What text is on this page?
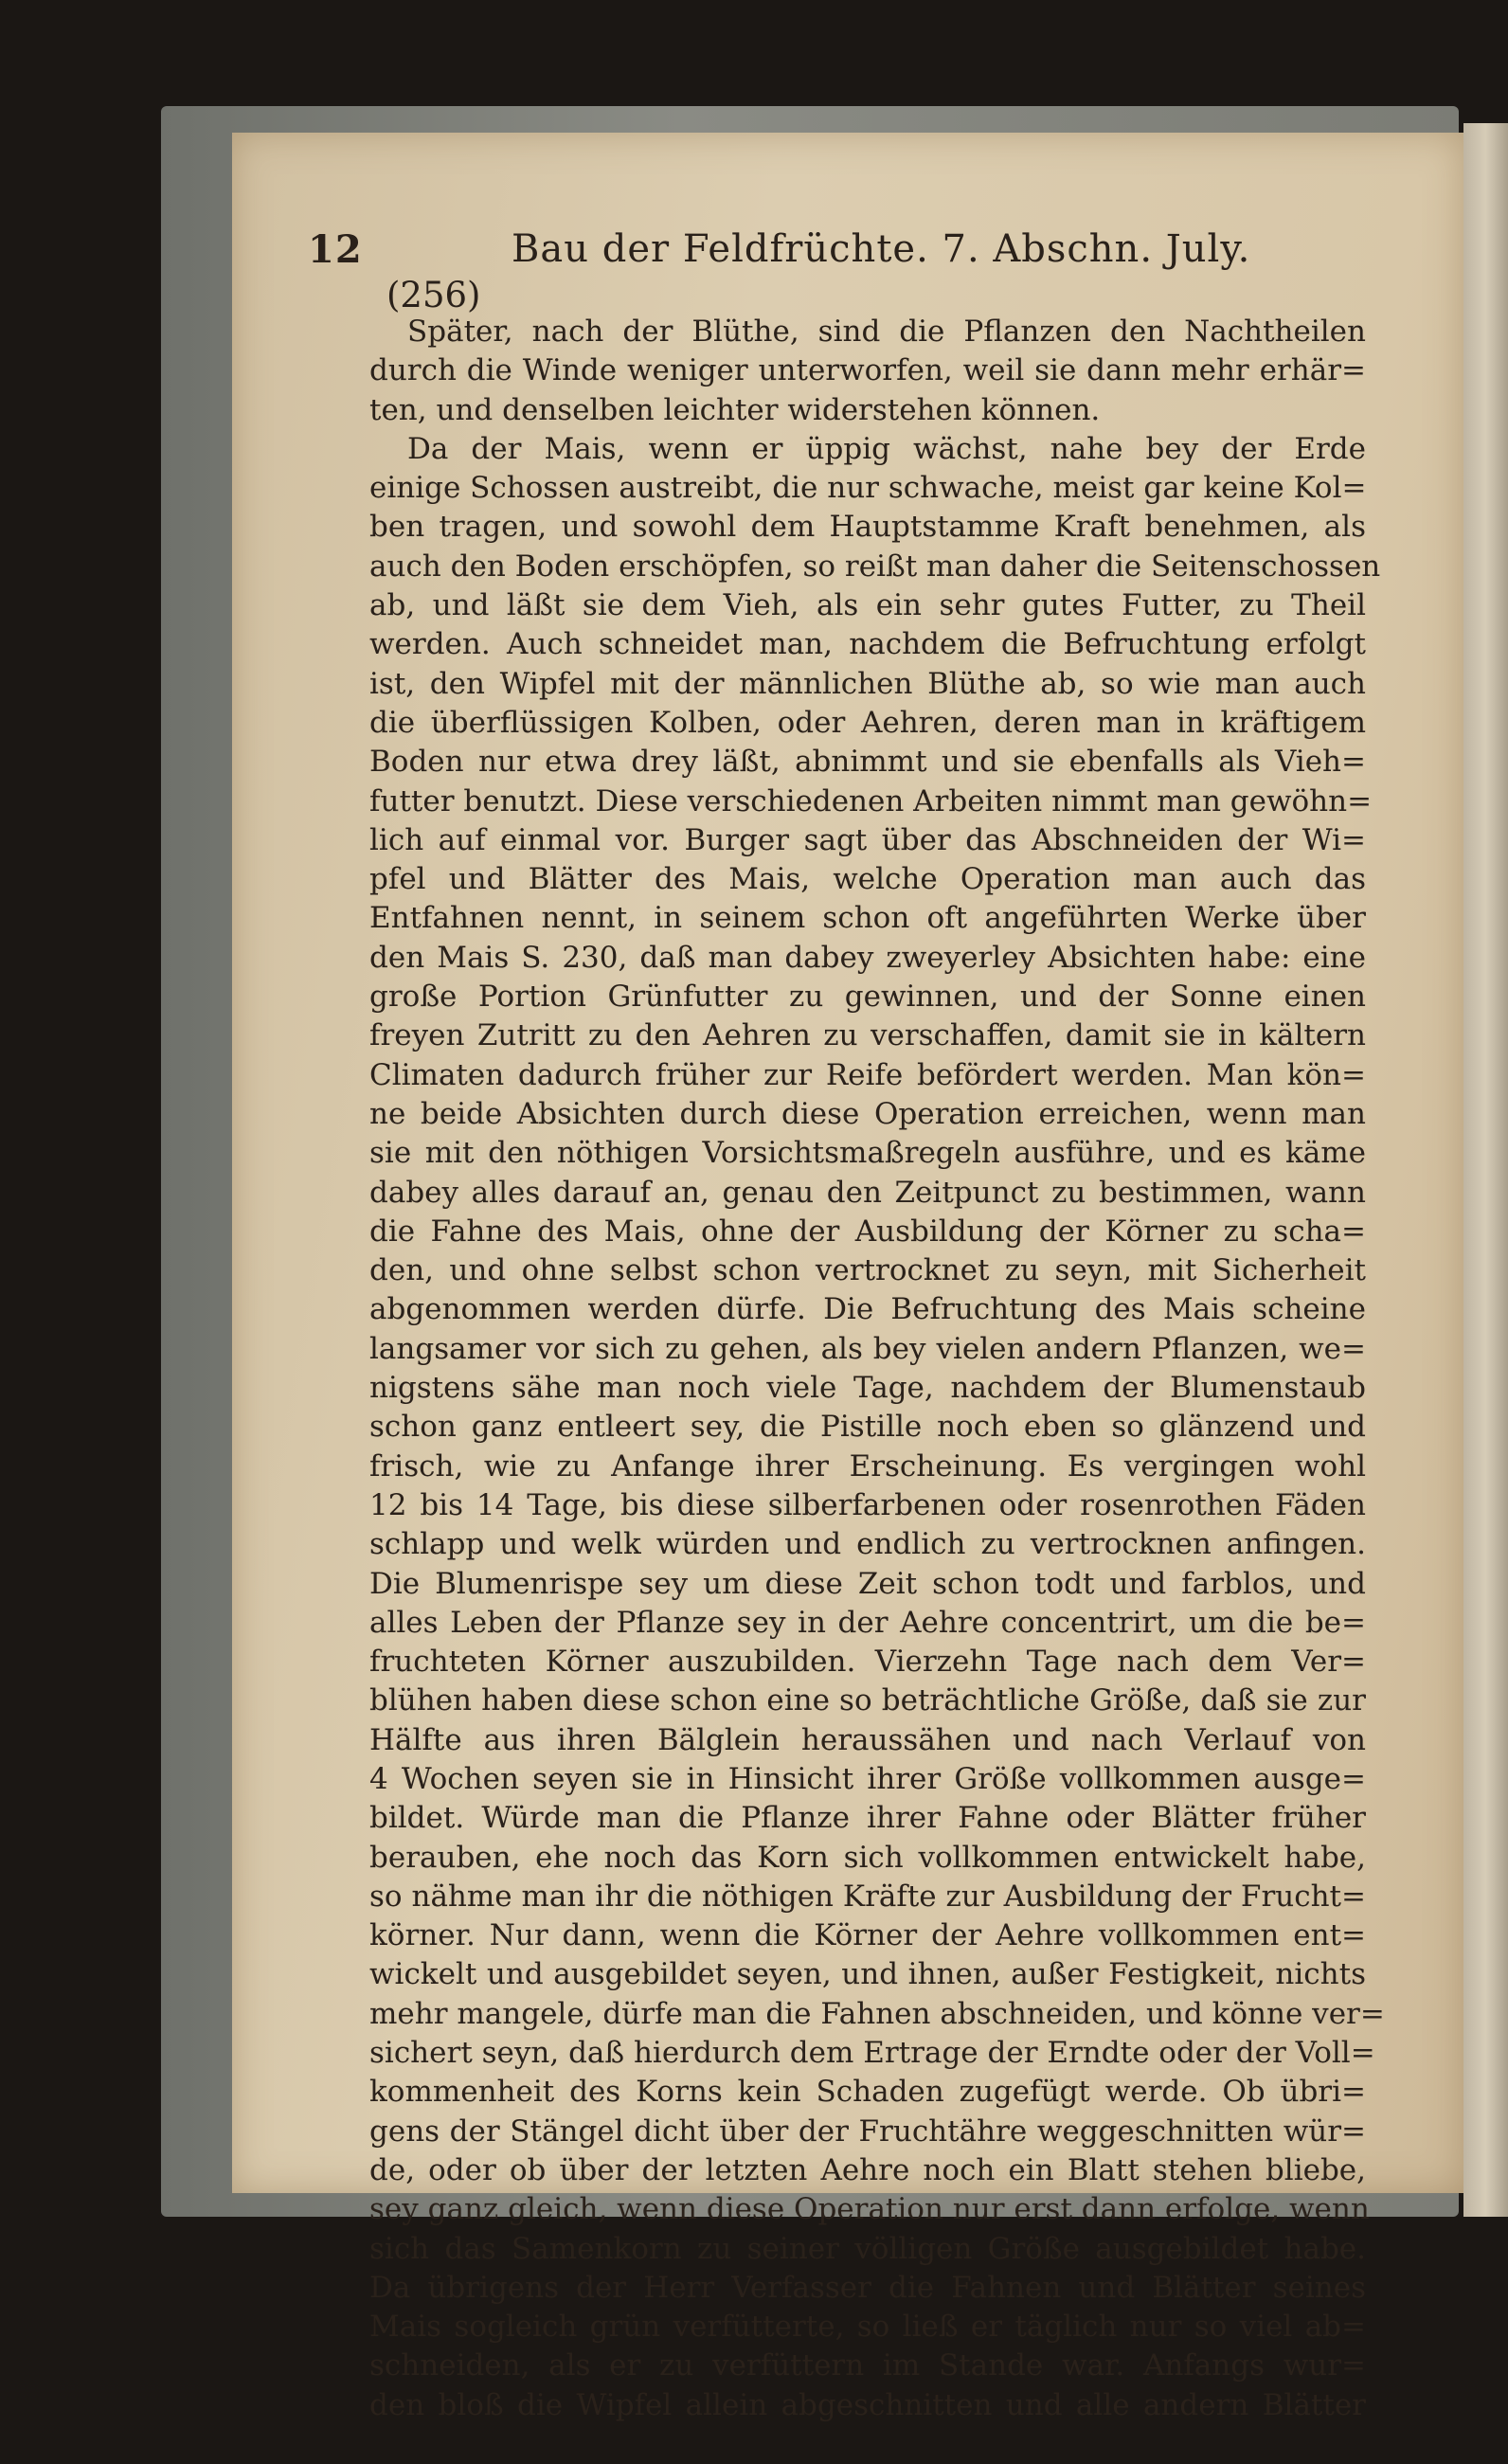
12	Bau der Feldfrüchte. 7. Abschn. July.
(256)
Später, nach der Blüthe, sind die Pflanzen den Nachtheilen
durch die Winde weniger unterworfen, weil sie dann mehr erhär=
ten, und denselben leichter widerstehen können.
Da der Mais, wenn er üppig wächst, nahe bey der Erde
einige Schossen austreibt, die nur schwache, meist gar keine Kol=
ben tragen, und sowohl dem Hauptstamme Kraft benehmen, als
auch den Boden erschöpfen, so reißt man daher die Seitenschossen
ab, und läßt sie dem Vieh, als ein sehr gutes Futter, zu Theil
werden. Auch schneidet man, nachdem die Befruchtung erfolgt
ist, den Wipfel mit der männlichen Blüthe ab, so wie man auch
die überflüssigen Kolben, oder Aehren, deren man in kräftigem
Boden nur etwa drey läßt, abnimmt und sie ebenfalls als Vieh=
futter benutzt. Diese verschiedenen Arbeiten nimmt man gewöhn=
lich auf einmal vor. Burger sagt über das Abschneiden der Wi=
pfel und Blätter des Mais, welche Operation man auch das
Entfahnen nennt, in seinem schon oft angeführten Werke über
den Mais S. 230, daß man dabey zweyerley Absichten habe: eine
große Portion Grünfutter zu gewinnen, und der Sonne einen
freyen Zutritt zu den Aehren zu verschaffen, damit sie in kältern
Climaten dadurch früher zur Reife befördert werden. Man kön=
ne beide Absichten durch diese Operation erreichen, wenn man
sie mit den nöthigen Vorsichtsmaßregeln ausführe, und es käme
dabey alles darauf an, genau den Zeitpunct zu bestimmen, wann
die Fahne des Mais, ohne der Ausbildung der Körner zu scha=
den, und ohne selbst schon vertrocknet zu seyn, mit Sicherheit
abgenommen werden dürfe. Die Befruchtung des Mais scheine
langsamer vor sich zu gehen, als bey vielen andern Pflanzen, we=
nigstens sähe man noch viele Tage, nachdem der Blumenstaub
schon ganz entleert sey, die Pistille noch eben so glänzend und
frisch, wie zu Anfange ihrer Erscheinung. Es vergingen wohl
12 bis 14 Tage, bis diese silberfarbenen oder rosenrothen Fäden
schlapp und welk würden und endlich zu vertrocknen anfingen.
Die Blumenrispe sey um diese Zeit schon todt und farblos, und
alles Leben der Pflanze sey in der Aehre concentrirt, um die be=
fruchteten Körner auszubilden. Vierzehn Tage nach dem Ver=
blühen haben diese schon eine so beträchtliche Größe, daß sie zur
Hälfte aus ihren Bälglein heraussähen und nach Verlauf von
4 Wochen seyen sie in Hinsicht ihrer Größe vollkommen ausge=
bildet. Würde man die Pflanze ihrer Fahne oder Blätter früher
berauben, ehe noch das Korn sich vollkommen entwickelt habe,
so nähme man ihr die nöthigen Kräfte zur Ausbildung der Frucht=
körner. Nur dann, wenn die Körner der Aehre vollkommen ent=
wickelt und ausgebildet seyen, und ihnen, außer Festigkeit, nichts
mehr mangele, dürfe man die Fahnen abschneiden, und könne ver=
sichert seyn, daß hierdurch dem Ertrage der Erndte oder der Voll=
kommenheit des Korns kein Schaden zugefügt werde. Ob übri=
gens der Stängel dicht über der Fruchtähre weggeschnitten wür=
de, oder ob über der letzten Aehre noch ein Blatt stehen bliebe,
sey ganz gleich, wenn diese Operation nur erst dann erfolge, wenn
sich das Samenkorn zu seiner völligen Größe ausgebildet habe.
Da übrigens der Herr Verfasser die Fahnen und Blätter seines
Mais sogleich grün verfütterte, so ließ er täglich nur so viel ab=
schneiden, als er zu verfüttern im Stande war. Anfangs wur=
den bloß die Wipfel allein abgeschnitten und alle andern Blätter
